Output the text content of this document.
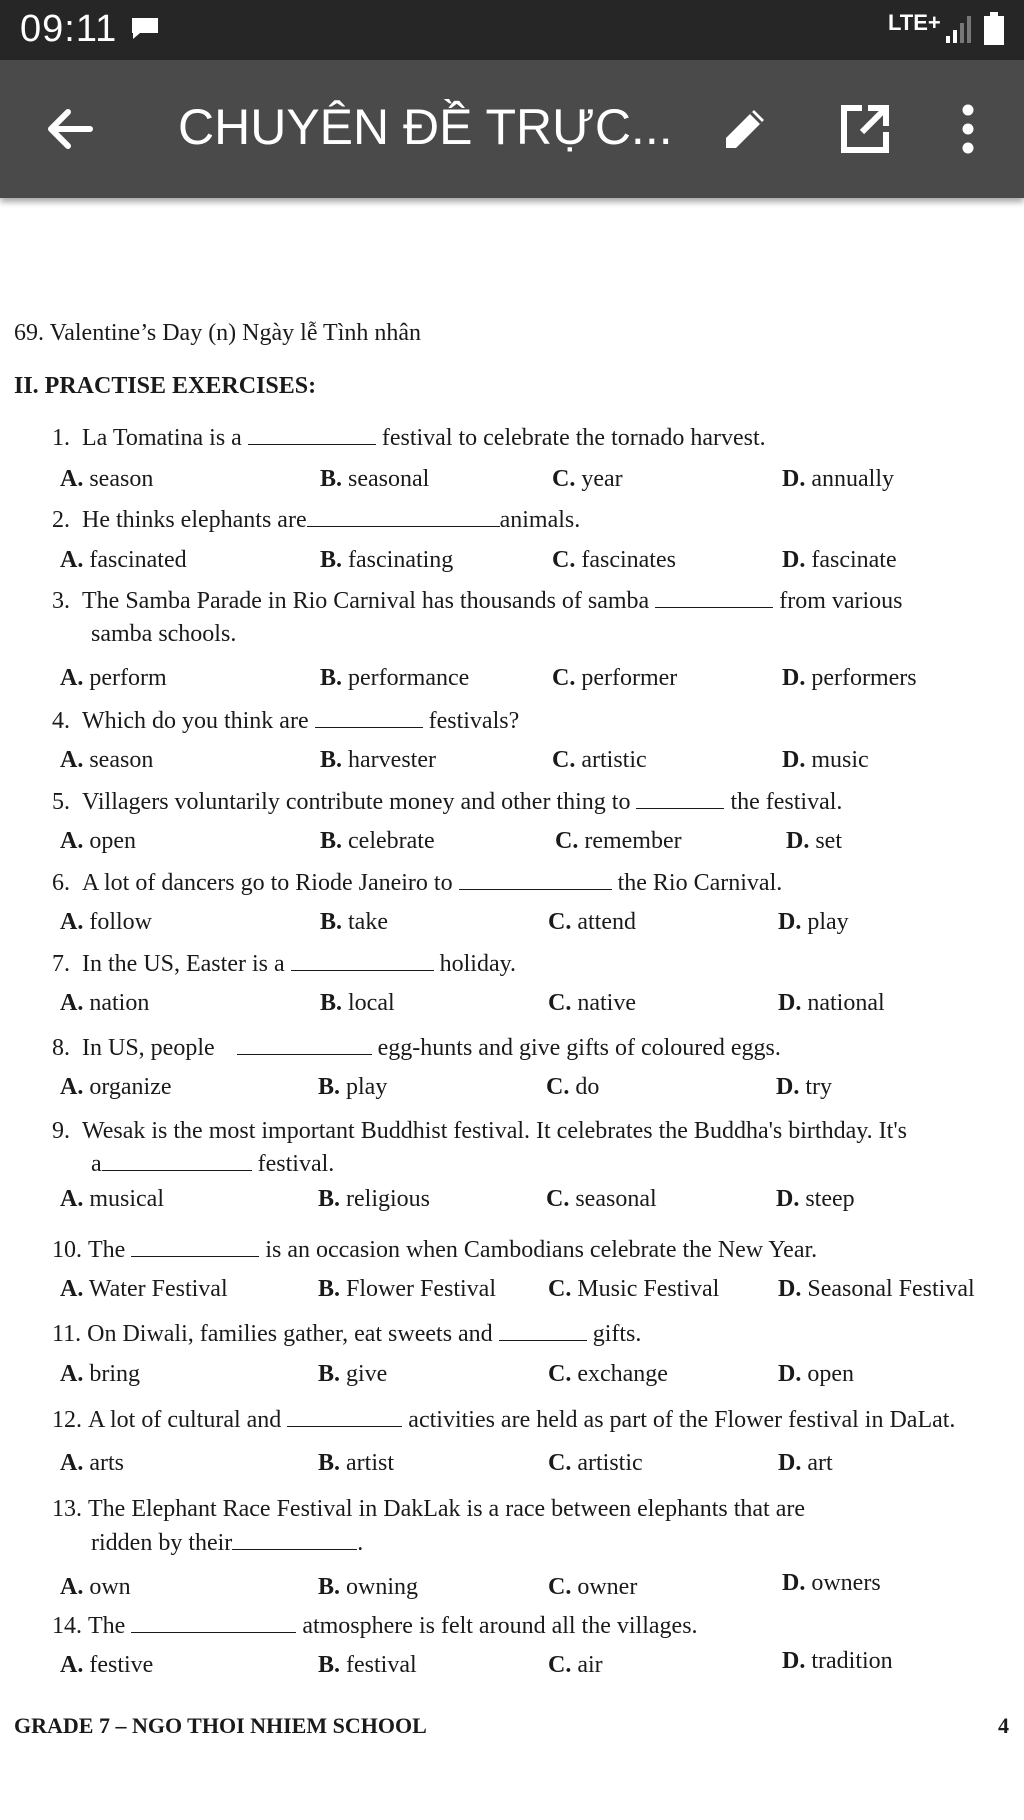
09:11	LTE+
CHUYÊN ĐỀ TRỰC...
69. Valentine’s Day (n) Ngày lễ Tình nhân
II. PRACTISE EXERCISES:
1. La Tomatina is a	festival to celebrate the tornado harvest.
A. season	B. seasonal	C. year	D. annually
2. He thinks elephants are	animals.
A. fascinated	B. fascinating	C. fascinates	D. fascinate
3. The Samba Parade in Rio Carnival has thousands of samba	from various
samba schools.
A. perform	B. performance	C. performer	D. performers
4. Which do you think are	festivals?
A. season	B. harvester	C. artistic	D. music
5. Villagers voluntarily contribute money and other thing to	the festival.
A. open	B. celebrate	C. remember	D. set
6. A lot of dancers go to Riode Janeiro to	the Rio Carnival.
A. follow	B. take	C. attend	D. play
7. In the US, Easter is a	holiday.
A. nation	B. local	C. native	D. national
8. In US, people	egg-hunts and give gifts of coloured eggs.
A. organize	B. play	C. do	D. try
9. Wesak is the most important Buddhist festival. It celebrates the Buddha's birthday. It's
a	festival.
A. musical	B. religious	C. seasonal	D. steep
10. The	is an occasion when Cambodians celebrate the New Year.
A. Water Festival	B. Flower Festival C. Music Festival D. Seasonal Festival
11. On Diwali, families gather, eat sweets and	gifts.
A. bring	B. give	C. exchange	D. open
12. A lot of cultural and	activities are held as part of the Flower festival in DaLat.
A. arts	B. artist	C. artistic	D. art
13. The Elephant Race Festival in DakLak is a race between elephants that are
ridden by their	.
A. own	B. owning	C. owner	D. owners
14. The	atmosphere is felt around all the villages.
A. festive	B. festival	C. air	D. tradition
GRADE 7 – NGO THOI NHIEM SCHOOL	4
